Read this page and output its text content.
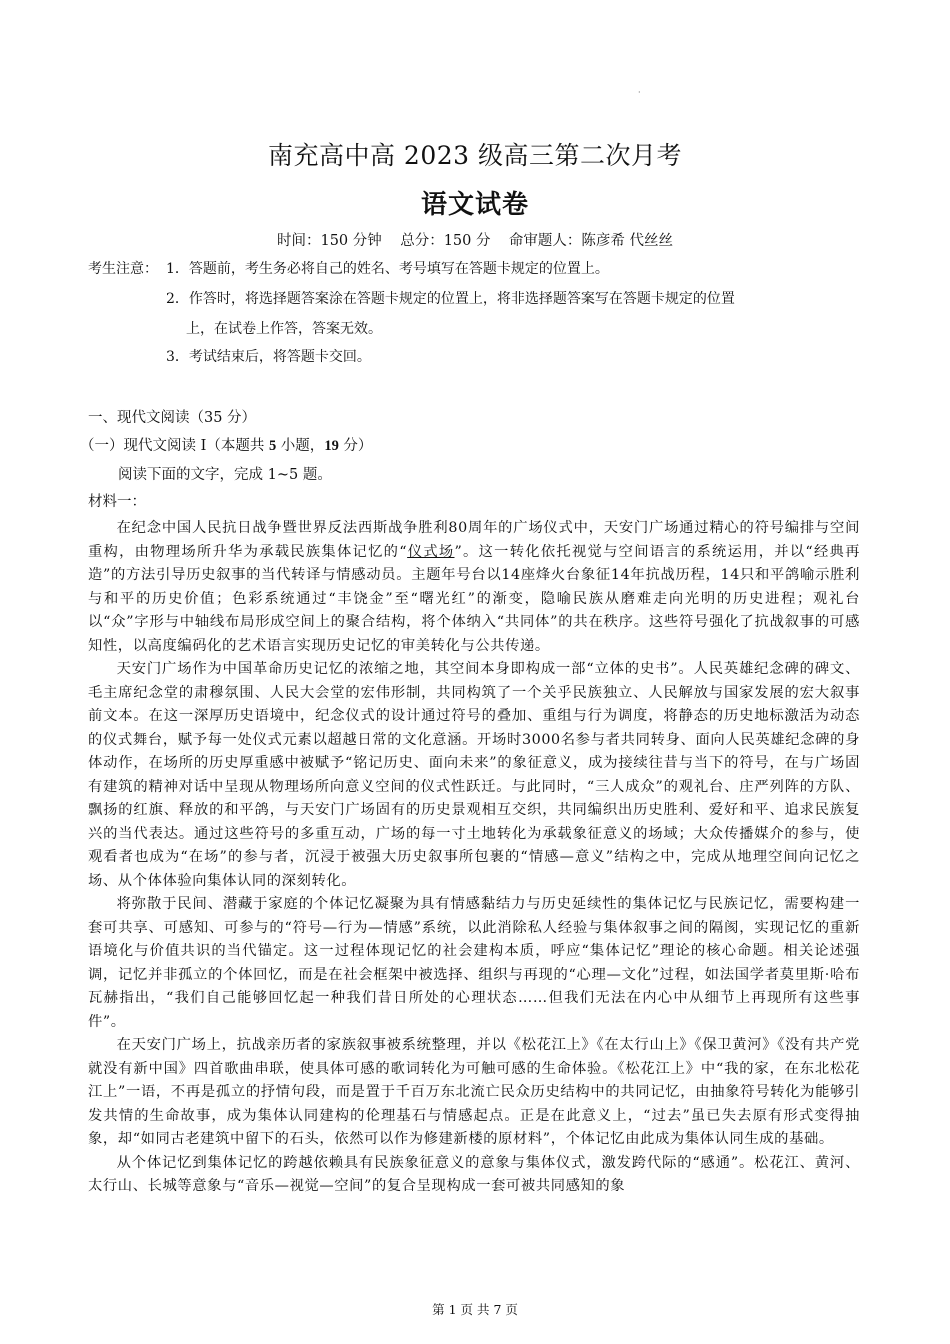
·
南充高中高 2023 级高三第二次月考
语文试卷
时间：150 分钟    总分：150 分    命审题人：陈彦希 代丝丝
考生注意： 1．答题前，考生务必将自己的姓名、考号填写在答题卡规定的位置上。
2．作答时，将选择题答案涂在答题卡规定的位置上，将非选择题答案写在答题卡规定的位置
上，在试卷上作答，答案无效。
3．考试结束后，将答题卡交回。
一、现代文阅读（35 分）
（一）现代文阅读 I（本题共 5 小题，19 分）
阅读下面的文字，完成 1~5 题。
材料一：

在纪念中国人民抗日战争暨世界反法西斯战争胜利80周年的广场仪式中，天安门广场通过精心的符号编排与空间重构，由物理场所升华为承载民族集体记忆的“仪式场”。这一转化依托视觉与空间语言的系统运用，并以“经典再造”的方法引导历史叙事的当代转译与情感动员。主题年号台以14座烽火台象征14年抗战历程，14只和平鸽喻示胜利与和平的历史价值；色彩系统通过“丰饶金”至“曙光红”的渐变，隐喻民族从磨难走向光明的历史进程；观礼台以“众”字形与中轴线布局形成空间上的聚合结构，将个体纳入“共同体”的共在秩序。这些符号强化了抗战叙事的可感知性，以高度编码化的艺术语言实现历史记忆的审美转化与公共传递。

天安门广场作为中国革命历史记忆的浓缩之地，其空间本身即构成一部“立体的史书”。人民英雄纪念碑的碑文、毛主席纪念堂的肃穆氛围、人民大会堂的宏伟形制，共同构筑了一个关乎民族独立、人民解放与国家发展的宏大叙事前文本。在这一深厚历史语境中，纪念仪式的设计通过符号的叠加、重组与行为调度，将静态的历史地标激活为动态的仪式舞台，赋予每一处仪式元素以超越日常的文化意涵。开场时3000名参与者共同转身、面向人民英雄纪念碑的身体动作，在场所的历史厚重感中被赋予“铭记历史、面向未来”的象征意义，成为接续往昔与当下的符号，在与广场固有建筑的精神对话中呈现从物理场所向意义空间的仪式性跃迁。与此同时，“三人成众”的观礼台、庄严列阵的方队、飘扬的红旗、释放的和平鸽，与天安门广场固有的历史景观相互交织，共同编织出历史胜利、爱好和平、追求民族复兴的当代表达。通过这些符号的多重互动，广场的每一寸土地转化为承载象征意义的场域；大众传播媒介的参与，使观看者也成为“在场”的参与者，沉浸于被强大历史叙事所包裹的“情感—意义”结构之中，完成从地理空间向记忆之场、从个体体验向集体认同的深刻转化。

将弥散于民间、潜藏于家庭的个体记忆凝聚为具有情感黏结力与历史延续性的集体记忆与民族记忆，需要构建一套可共享、可感知、可参与的“符号—行为—情感”系统，以此消除私人经验与集体叙事之间的隔阂，实现记忆的重新语境化与价值共识的当代锚定。这一过程体现记忆的社会建构本质，呼应“集体记忆”理论的核心命题。相关论述强调，记忆并非孤立的个体回忆，而是在社会框架中被选择、组织与再现的“心理—文化”过程，如法国学者莫里斯·哈布瓦赫指出，“我们自己能够回忆起一种我们昔日所处的心理状态……但我们无法在内心中从细节上再现所有这些事件”。

在天安门广场上，抗战亲历者的家族叙事被系统整理，并以《松花江上》《在太行山上》《保卫黄河》《没有共产党就没有新中国》四首歌曲串联，使具体可感的歌词转化为可触可感的生命体验。《松花江上》中“我的家，在东北松花江上”一语，不再是孤立的抒情句段，而是置于千百万东北流亡民众历史结构中的共同记忆，由抽象符号转化为能够引发共情的生命故事，成为集体认同建构的伦理基石与情感起点。正是在此意义上，“过去”虽已失去原有形式变得抽象，却“如同古老建筑中留下的石头，依然可以作为修建新楼的原材料”，个体记忆由此成为集体认同生成的基础。

从个体记忆到集体记忆的跨越依赖具有民族象征意义的意象与集体仪式，激发跨代际的“感通”。松花江、黄河、太行山、长城等意象与“音乐—视觉—空间”的复合呈现构成一套可被共同感知的象

第 1 页 共 7 页
